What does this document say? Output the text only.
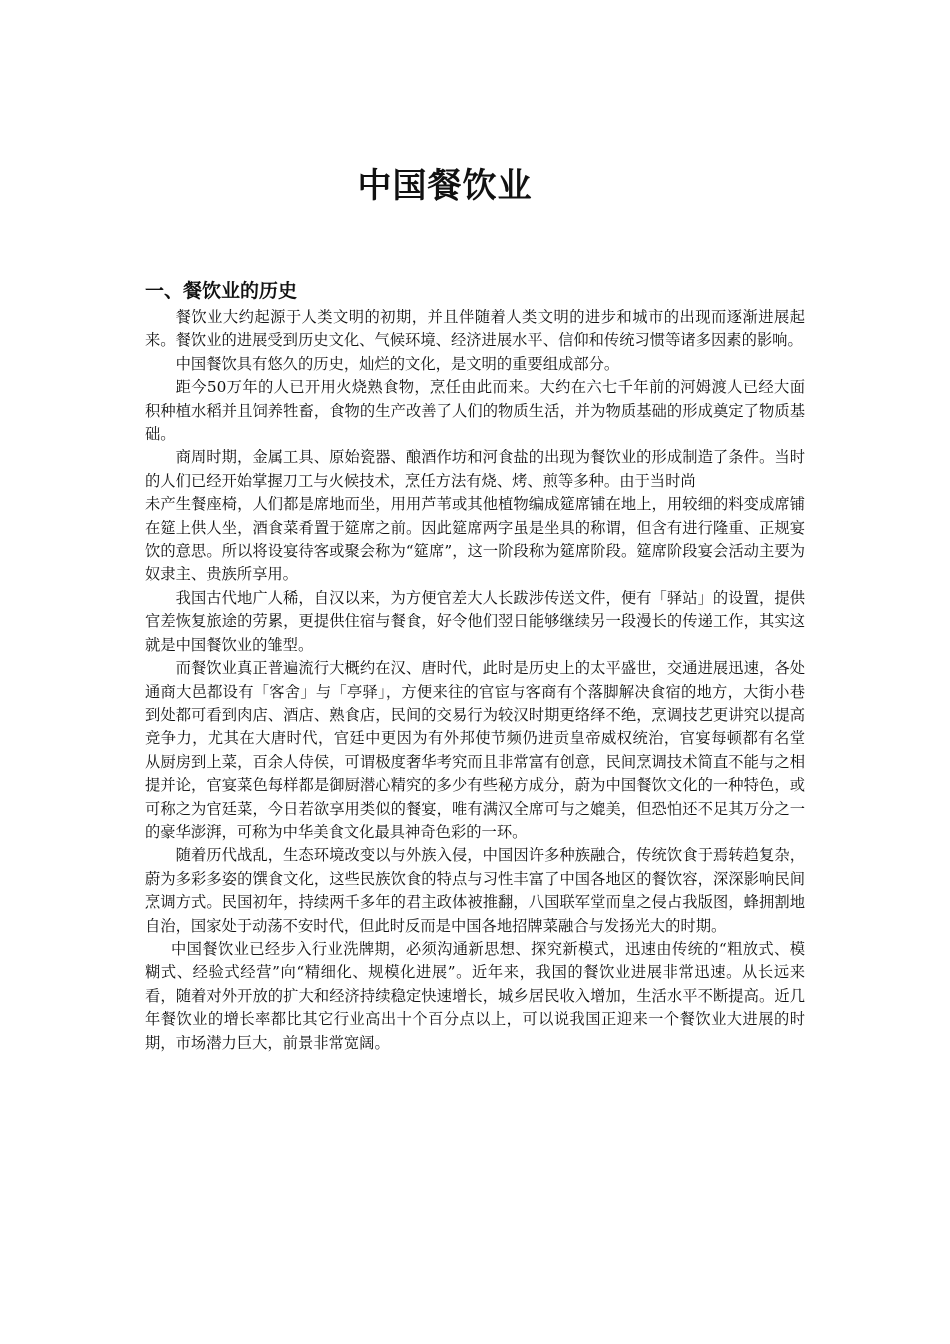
中国餐饮业
一、餐饮业的历史

餐饮业大约起源于人类文明的初期，并且伴随着人类文明的进步和城市的出现而逐渐进展起来。餐饮业的进展受到历史文化、气候环境、经济进展水平、信仰和传统习惯等诸多因素的影响。

中国餐饮具有悠久的历史，灿烂的文化，是文明的重要组成部分。

距今50万年的人已开用火烧熟食物，烹任由此而来。大约在六七千年前的河姆渡人已经大面积种植水稻并且饲养牲畜，食物的生产改善了人们的物质生活，并为物质基础的形成奠定了物质基础。

商周时期，金属工具、原始瓷器、酿酒作坊和河食盐的出现为餐饮业的形成制造了条件。当时的人们已经开始掌握刀工与火候技术，烹任方法有烧、烤、煎等多种。由于当时尚

未产生餐座椅，人们都是席地而坐，用用芦苇或其他植物编成筵席铺在地上，用较细的料变成席铺在筵上供人坐，酒食菜肴置于筵席之前。因此筵席两字虽是坐具的称谓，但含有进行隆重、正规宴饮的意思。所以将设宴待客或聚会称为“筵席”，这一阶段称为筵席阶段。筵席阶段宴会活动主要为奴隶主、贵族所享用。

我国古代地广人稀，自汉以来，为方便官差大人长跋涉传送文件，便有「驿站」的设置，提供官差恢复旅途的劳累，更提供住宿与餐食，好令他们翌日能够继续另一段漫长的传递工作，其实这就是中国餐饮业的雏型。

而餐饮业真正普遍流行大概约在汉、唐时代，此时是历史上的太平盛世，交通进展迅速，各处通商大邑都设有「客舍」与「亭驿」，方便来往的官宦与客商有个落脚解决食宿的地方，大街小巷到处都可看到肉店、酒店、熟食店，民间的交易行为较汉时期更络绎不绝，烹调技艺更讲究以提高竞争力，尤其在大唐时代，官廷中更因为有外邦使节频仍进贡皇帝威权统治，官宴每顿都有名堂　 从厨房到上菜，百余人侍侯，可谓极度奢华考究而且非常富有创意，民间烹调技术简直不能与之相提并论，官宴菜色每样都是御厨潜心精究的多少有些秘方成分，蔚为中国餐饮文化的一种特色，或可称之为官廷菜，今日若欲享用类似的餐宴，唯有满汉全席可与之媲美，但恐怕还不足其万分之一的豪华澎湃，可称为中华美食文化最具神奇色彩的一环。

随着历代战乱，生态环境改变以与外族入侵，中国因许多种族融合，传统饮食于焉转趋复杂，蔚为多彩多姿的馔食文化，这些民族饮食的特点与习性丰富了中国各地区的餐饮容，深深影响民间烹调方式。民国初年，持续两千多年的君主政体被推翻，八国联军堂而皇之侵占我版图，蜂拥割地自治，国家处于动荡不安时代，但此时反而是中国各地招牌菜融合与发扬光大的时期。

中国餐饮业已经步入行业洗牌期，必须沟通新思想、探究新模式，迅速由传统的“粗放式、模糊式、经验式经营”向“精细化、规模化进展”。近年来，我国的餐饮业进展非常迅速。从长远来看，随着对外开放的扩大和经济持续稳定快速增长，城乡居民收入增加，生活水平不断提高。近几年餐饮业的增长率都比其它行业高出十个百分点以上，可以说我国正迎来一个餐饮业大进展的时期，市场潜力巨大，前景非常宽阔。
